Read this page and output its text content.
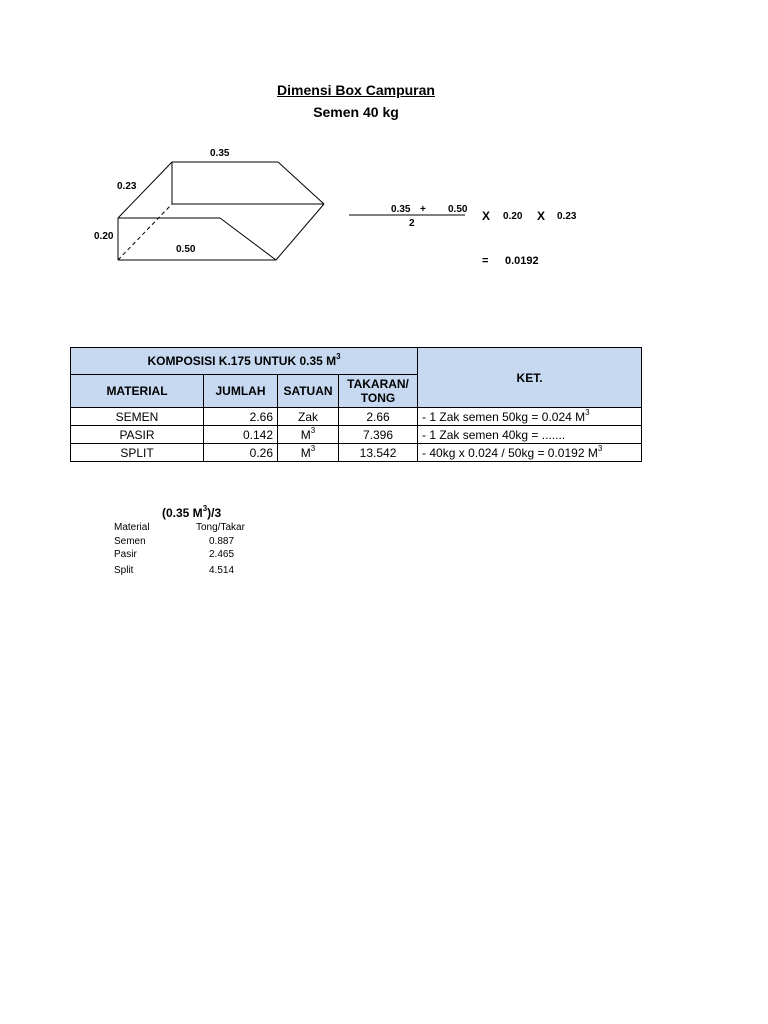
Dimensi Box Campuran
Semen 40 kg
0.35
0.23
0.20
0.50
0.35 + 0.50
2
X 0.20 X 0.23
= 0.0192
KOMPOSISI K.175 UNTUK 0.35 $M^3$				KET.
MATERIAL	JUMLAH	SATUAN	TAKARAN/
TONG	
SEMEN	2.66	Zak	2.66	- 1 Zak semen 50kg = 0.024 $M^3$
PASIR	0.142	$M^3$	7.396	- 1 Zak semen 40kg = .......
SPLIT	0.26	$M^3$	13.542	- 40kg x 0.024 / 50kg = 0.0192 $M^3$
(0.35 $M^3)/3$
Material	Tong/Takar
Semen	0.887
Pasir	2.465
Split	4.514
